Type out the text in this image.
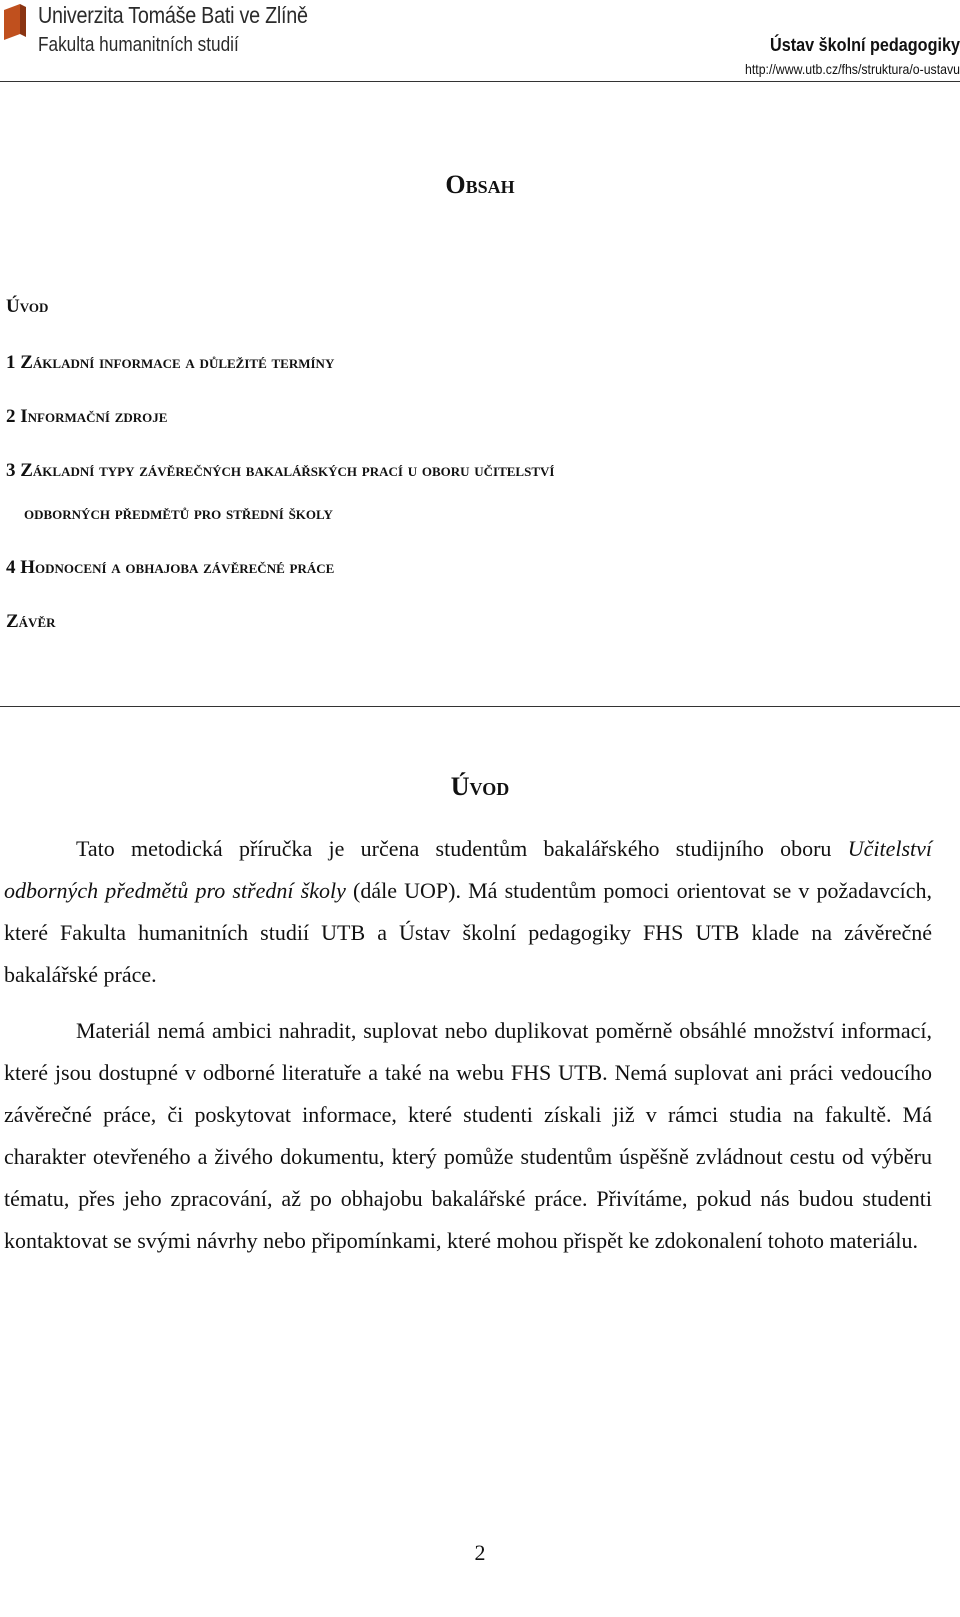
Univerzita Tomáše Bati ve Zlíně
Fakulta humanitních studií	Ústav školní pedagogiky
http://www.utb.cz/fhs/struktura/o-ustavu
Obsah
Úvod
1 Základní informace a důležité termíny
2 Informační zdroje
3 Základní typy závěrečných bakalářských prací u oboru učitelství
odborných předmětů pro střední školy
4 Hodnocení a obhajoba závěrečné práce
Závěr
Úvod

Tato metodická příručka je určena studentům bakalářského studijního oboru Učitelství odborných předmětů pro střední školy (dále UOP). Má studentům pomoci orientovat se v požadavcích, které Fakulta humanitních studií UTB a Ústav školní pedagogiky FHS UTB klade na závěrečné bakalářské práce.

Materiál nemá ambici nahradit, suplovat nebo duplikovat poměrně obsáhlé množství informací, které jsou dostupné v odborné literatuře a také na webu FHS UTB. Nemá suplovat ani práci vedoucího závěrečné práce, či poskytovat informace, které studenti získali již v rámci studia na fakultě. Má charakter otevřeného a živého dokumentu, který pomůže studentům úspěšně zvládnout cestu od výběru tématu, přes jeho zpracování, až po obhajobu bakalářské práce. Přivítáme, pokud nás budou studenti kontaktovat se svými návrhy nebo připomínkami, které mohou přispět ke zdokonalení tohoto materiálu.

2
